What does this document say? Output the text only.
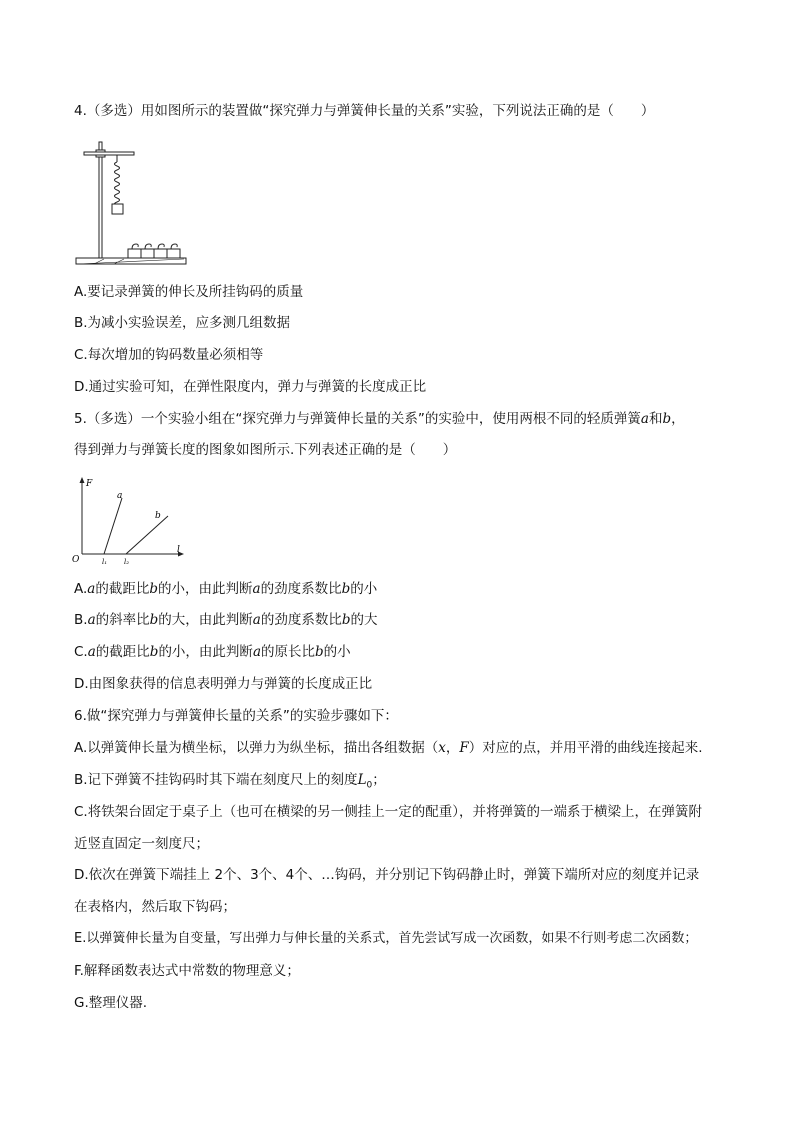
4.（多选）用如图所示的装置做“探究弹力与弹簧伸长量的关系”实验，下列说法正确的是（　　）
A.要记录弹簧的伸长及所挂钩码的质量
B.为减小实验误差，应多测几组数据
C.每次增加的钩码数量必须相等
D.通过实验可知，在弹性限度内，弹力与弹簧的长度成正比
5.（多选）一个实验小组在“探究弹力与弹簧伸长量的关系”的实验中，使用两根不同的轻质弹簧a和b，
得到弹力与弹簧长度的图象如图所示.下列表述正确的是（　　）
F
l
O
a
b
l₁ l₂
A.a的截距比b的小，由此判断a的劲度系数比b的小
B.a的斜率比b的大，由此判断a的劲度系数比b的大
C.a的截距比b的小，由此判断a的原长比b的小
D.由图象获得的信息表明弹力与弹簧的长度成正比
6.做“探究弹力与弹簧伸长量的关系”的实验步骤如下：
A.以弹簧伸长量为横坐标，以弹力为纵坐标，描出各组数据（x，F）对应的点，并用平滑的曲线连接起来.
B.记下弹簧不挂钩码时其下端在刻度尺上的刻度$L_0$；
C.将铁架台固定于桌子上（也可在横梁的另一侧挂上一定的配重），并将弹簧的一端系于横梁上，在弹簧附
近竖直固定一刻度尺；
D.依次在弹簧下端挂上 2个、3个、4个、…钩码，并分别记下钩码静止时，弹簧下端所对应的刻度并记录
在表格内，然后取下钩码；
E.以弹簧伸长量为自变量，写出弹力与伸长量的关系式，首先尝试写成一次函数，如果不行则考虑二次函数；
F.解释函数表达式中常数的物理意义；
G.整理仪器.
